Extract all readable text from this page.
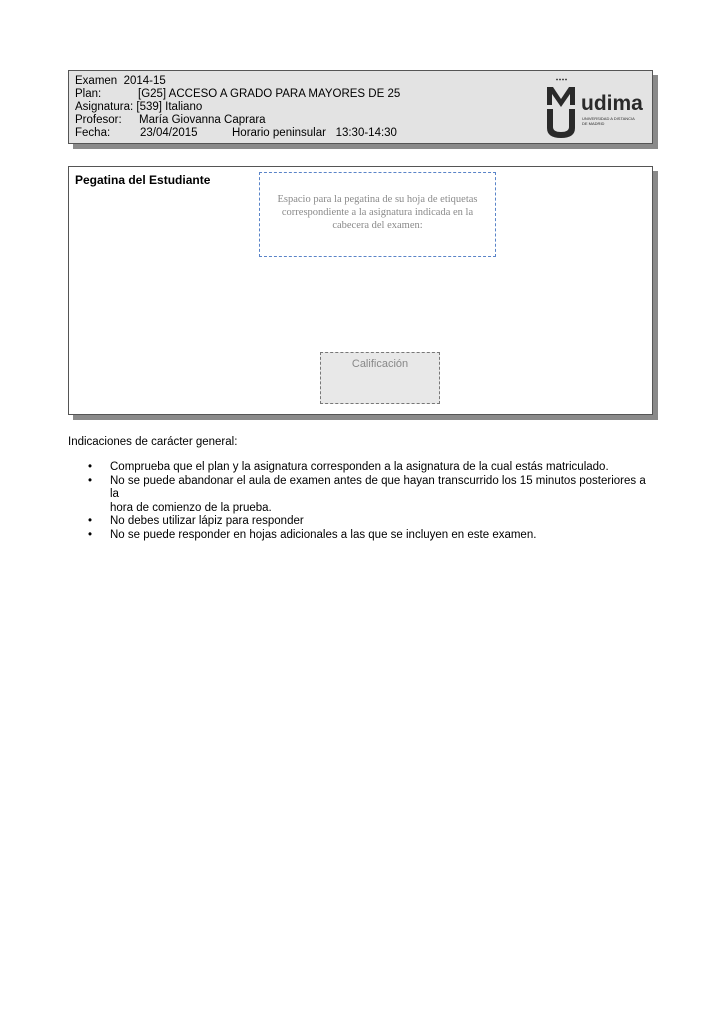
Examen 2014-15
Plan:	[G25] ACCESO A GRADO PARA MAYORES DE 25
Asignatura: [539] Italiano
Profesor: María Giovanna Caprara
Fecha:	23/04/2015	Horario peninsular 13:30-14:30
udima
UNIVERSIDAD A DISTANCIA
DE MADRID
Pegatina del Estudiante
Espacio para la pegatina de su hoja de etiquetas
correspondiente a la asignatura indicada en la
cabecera del examen:
Calificación
Indicaciones de carácter general:
• Comprueba que el plan y la asignatura corresponden a la asignatura de la cual estás matriculado.
• No se puede abandonar el aula de examen antes de que hayan transcurrido los 15 minutos posteriores a la
hora de comienzo de la prueba.
• No debes utilizar lápiz para responder
• No se puede responder en hojas adicionales a las que se incluyen en este examen.
